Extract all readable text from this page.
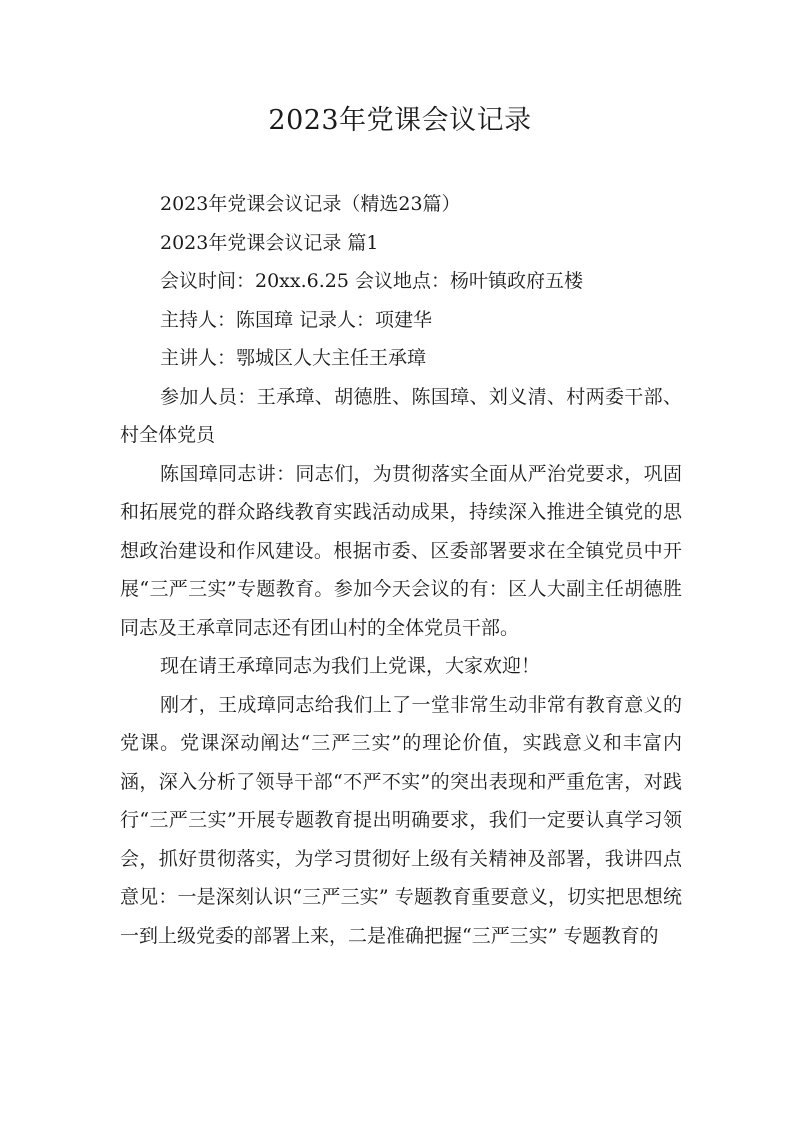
2023年党课会议记录

2023年党课会议记录（精选23篇）

2023年党课会议记录 篇1

会议时间：20xx.6.25 会议地点：杨叶镇政府五楼

主持人：陈国璋 记录人：项建华

主讲人：鄂城区人大主任王承璋

参加人员：王承璋、胡德胜、陈国璋、刘义清、村两委干部、村全体党员

陈国璋同志讲：同志们，为贯彻落实全面从严治党要求，巩固和拓展党的群众路线教育实践活动成果，持续深入推进全镇党的思想政治建设和作风建设。根据市委、区委部署要求在全镇党员中开展“三严三实”专题教育。参加今天会议的有：区人大副主任胡德胜同志及王承章同志还有团山村的全体党员干部。

现在请王承璋同志为我们上党课，大家欢迎！

刚才，王成璋同志给我们上了一堂非常生动非常有教育意义的党课。党课深动阐达“三严三实”的理论价值，实践意义和丰富内涵，深入分析了领导干部“不严不实”的突出表现和严重危害，对践行“三严三实”开展专题教育提出明确要求，我们一定要认真学习领会，抓好贯彻落实，为学习贯彻好上级有关精神及部署，我讲四点意见：一是深刻认识“三严三实” 专题教育重要意义，切实把思想统一到上级党委的部署上来，二是准确把握“三严三实” 专题教育的
